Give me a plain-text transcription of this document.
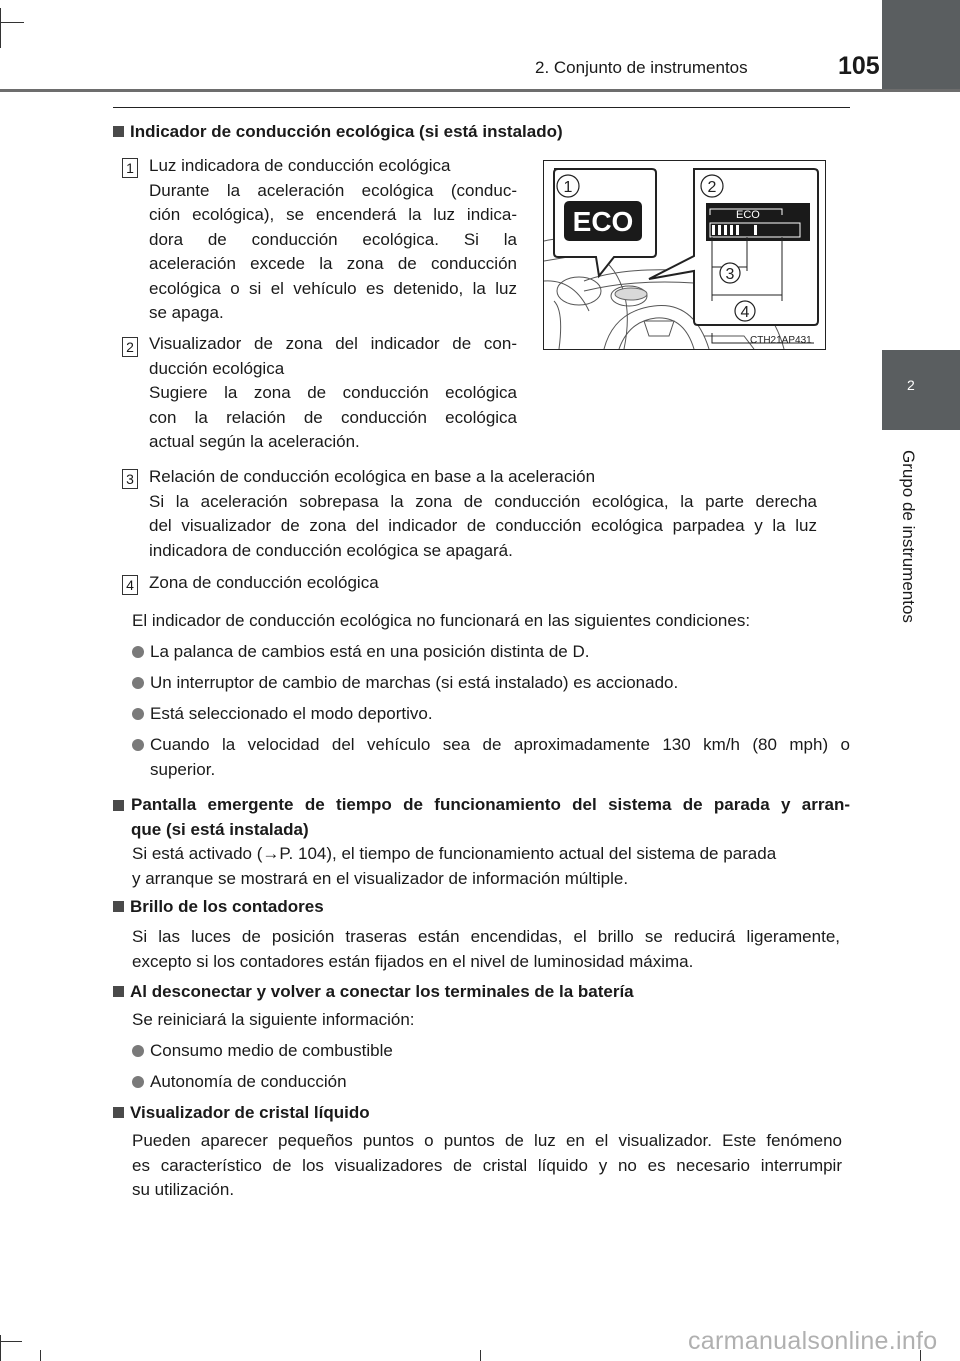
2. Conjunto de instrumentos	105
2
Grupo de instrumentos
Indicador de conducción ecológica (si está instalado)
1 Luz indicadora de conducción ecológica
Durante la aceleración ecológica (conduc-
ción ecológica), se encenderá la luz indica-
dora de conducción ecológica. Si la
aceleración excede la zona de conducción
ecológica o si el vehículo es detenido, la luz
se apaga.
2 Visualizador de zona del indicador de con-
ducción ecológica
Sugiere la zona de conducción ecológica
con la relación de conducción ecológica
actual según la aceleración.
1
ECO
2
ECO
3
4
CTH21AP431
3 Relación de conducción ecológica en base a la aceleración
Si la aceleración sobrepasa la zona de conducción ecológica, la parte derecha
del visualizador de zona del indicador de conducción ecológica parpadea y la luz
indicadora de conducción ecológica se apagará.
4 Zona de conducción ecológica
El indicador de conducción ecológica no funcionará en las siguientes condiciones:
La palanca de cambios está en una posición distinta de D.
Un interruptor de cambio de marchas (si está instalado) es accionado.
Está seleccionado el modo deportivo.
Cuando la velocidad del vehículo sea de aproximadamente 130 km/h (80 mph) o
superior.
Pantalla emergente de tiempo de funcionamiento del sistema de parada y arran-
que (si está instalada)
Si está activado (→P. 104), el tiempo de funcionamiento actual del sistema de parada
y arranque se mostrará en el visualizador de información múltiple.
Brillo de los contadores
Si las luces de posición traseras están encendidas, el brillo se reducirá ligeramente,
excepto si los contadores están fijados en el nivel de luminosidad máxima.
Al desconectar y volver a conectar los terminales de la batería
Se reiniciará la siguiente información:
Consumo medio de combustible
Autonomía de conducción
Visualizador de cristal líquido
Pueden aparecer pequeños puntos o puntos de luz en el visualizador. Este fenómeno
es característico de los visualizadores de cristal líquido y no es necesario interrumpir
su utilización.
carmanualsonline.info
